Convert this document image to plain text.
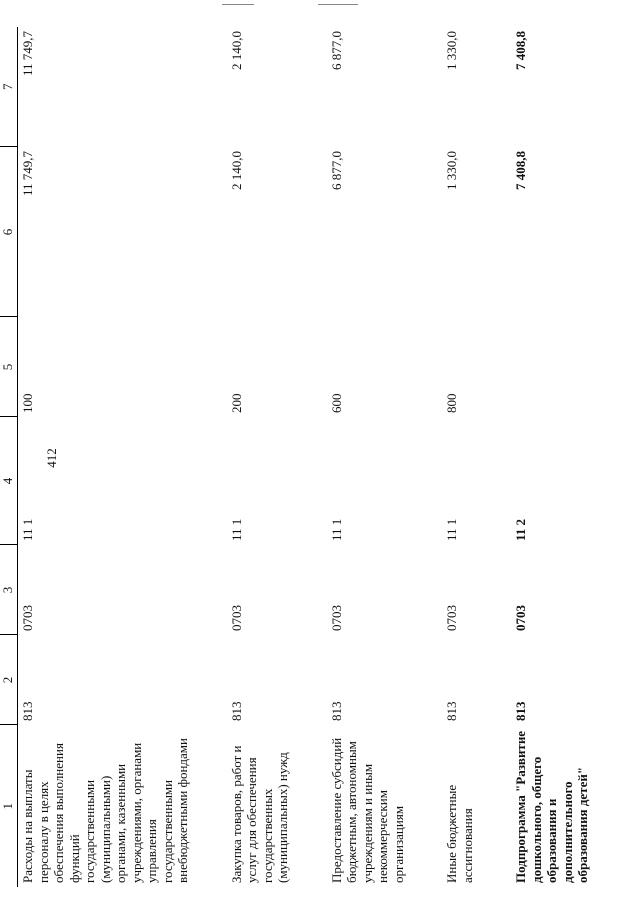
412
1	2	3	4	5	6	7
Расходы на выплаты персоналу в целях обеспечения выполнения функций государственными (муниципальными) органами, казенными учреждениями, органами управления государственными внебюджетными фондами	813	0703	11 1	100	11 749,7	11 749,7

Закупка товаров, работ и услуг для обеспечения государственных (муниципальных) нужд	813	0703	11 1	200	2 140,0	2 140,0

Предоставление субсидий бюджетным, автономным учреждениям и иным некоммерческим организациям	813	0703	11 1	600	6 877,0	6 877,0

Иные бюджетные ассигнования	813	0703	11 1	800	1 330,0	1 330,0

Подпрограмма "Развитие дошкольного, общего образования и дополнительного образования детей"	813	0703	11 2		7 408,8	7 408,8
